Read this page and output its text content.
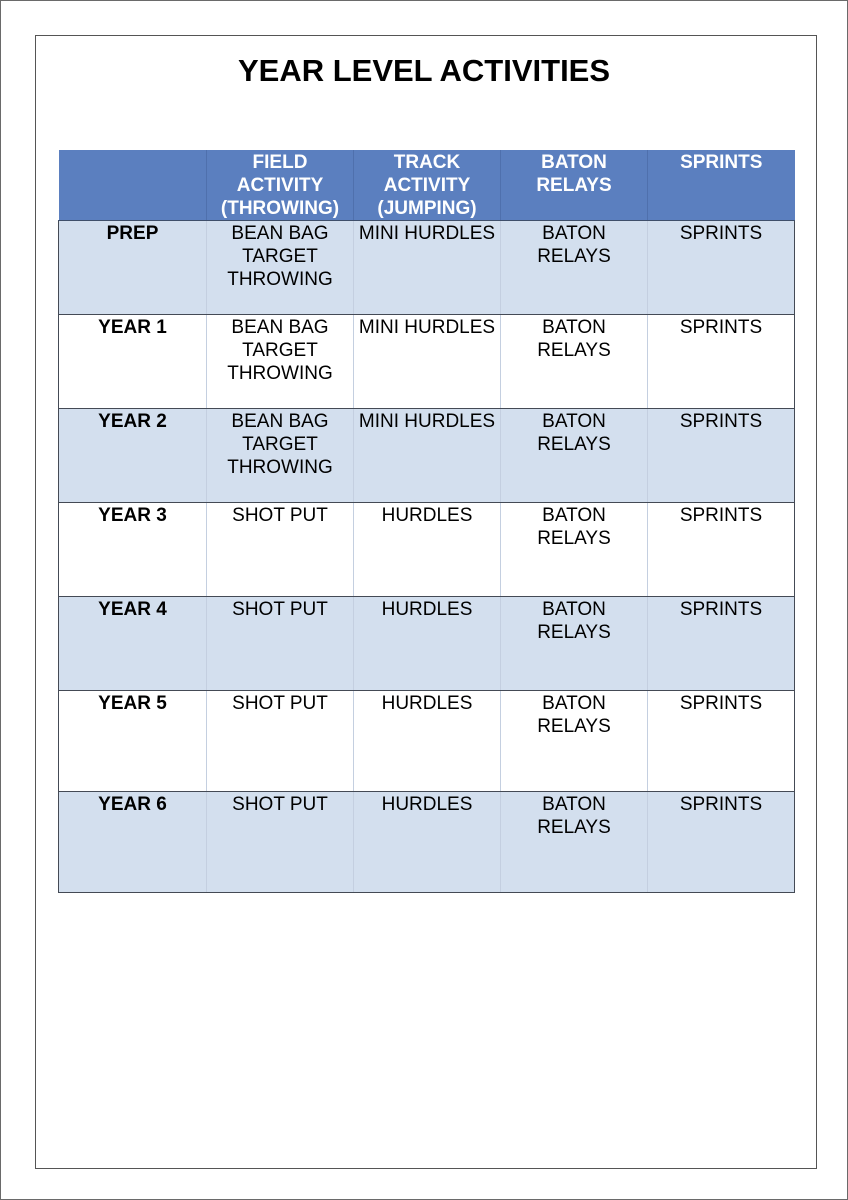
YEAR LEVEL ACTIVITIES
	FIELD ACTIVITY (THROWING)	TRACK ACTIVITY (JUMPING)	BATON RELAYS	SPRINTS
PREP	BEAN BAG TARGET THROWING	MINI HURDLES	BATON RELAYS	SPRINTS
YEAR 1	BEAN BAG TARGET THROWING	MINI HURDLES	BATON RELAYS	SPRINTS
YEAR 2	BEAN BAG TARGET THROWING	MINI HURDLES	BATON RELAYS	SPRINTS
YEAR 3	SHOT PUT	HURDLES	BATON RELAYS	SPRINTS
YEAR 4	SHOT PUT	HURDLES	BATON RELAYS	SPRINTS
YEAR 5	SHOT PUT	HURDLES	BATON RELAYS	SPRINTS
YEAR 6	SHOT PUT	HURDLES	BATON RELAYS	SPRINTS
